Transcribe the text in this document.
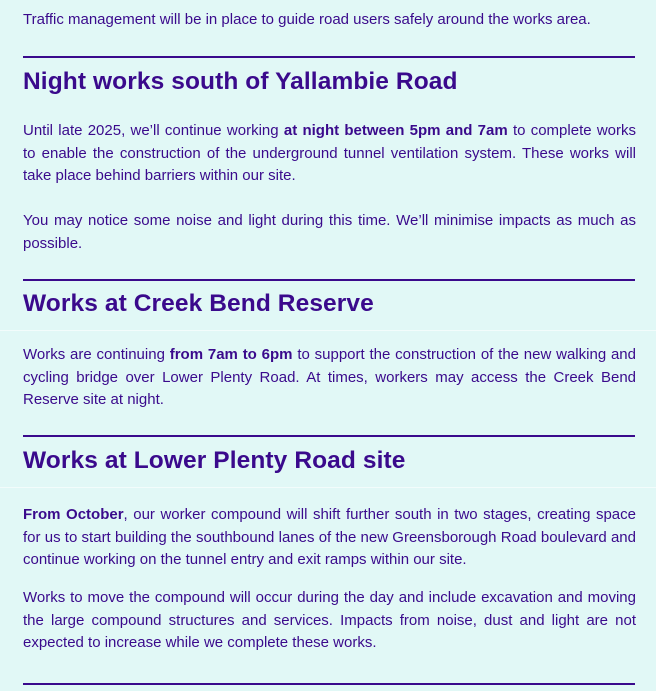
Traffic management will be in place to guide road users safely around the works area.

Night works south of Yallambie Road

Until late 2025, we’ll continue working at night between 5pm and 7am to complete works to enable the construction of the underground tunnel ventilation system. These works will take place behind barriers within our site.

You may notice some noise and light during this time. We’ll minimise impacts as much as possible.

Works at Creek Bend Reserve

Works are continuing from 7am to 6pm to support the construction of the new walking and cycling bridge over Lower Plenty Road. At times, workers may access the Creek Bend Reserve site at night.

Works at Lower Plenty Road site

From October, our worker compound will shift further south in two stages, creating space for us to start building the southbound lanes of the new Greensborough Road boulevard and continue working on the tunnel entry and exit ramps within our site.

Works to move the compound will occur during the day and include excavation and moving the large compound structures and services. Impacts from noise, dust and light are not expected to increase while we complete these works.
